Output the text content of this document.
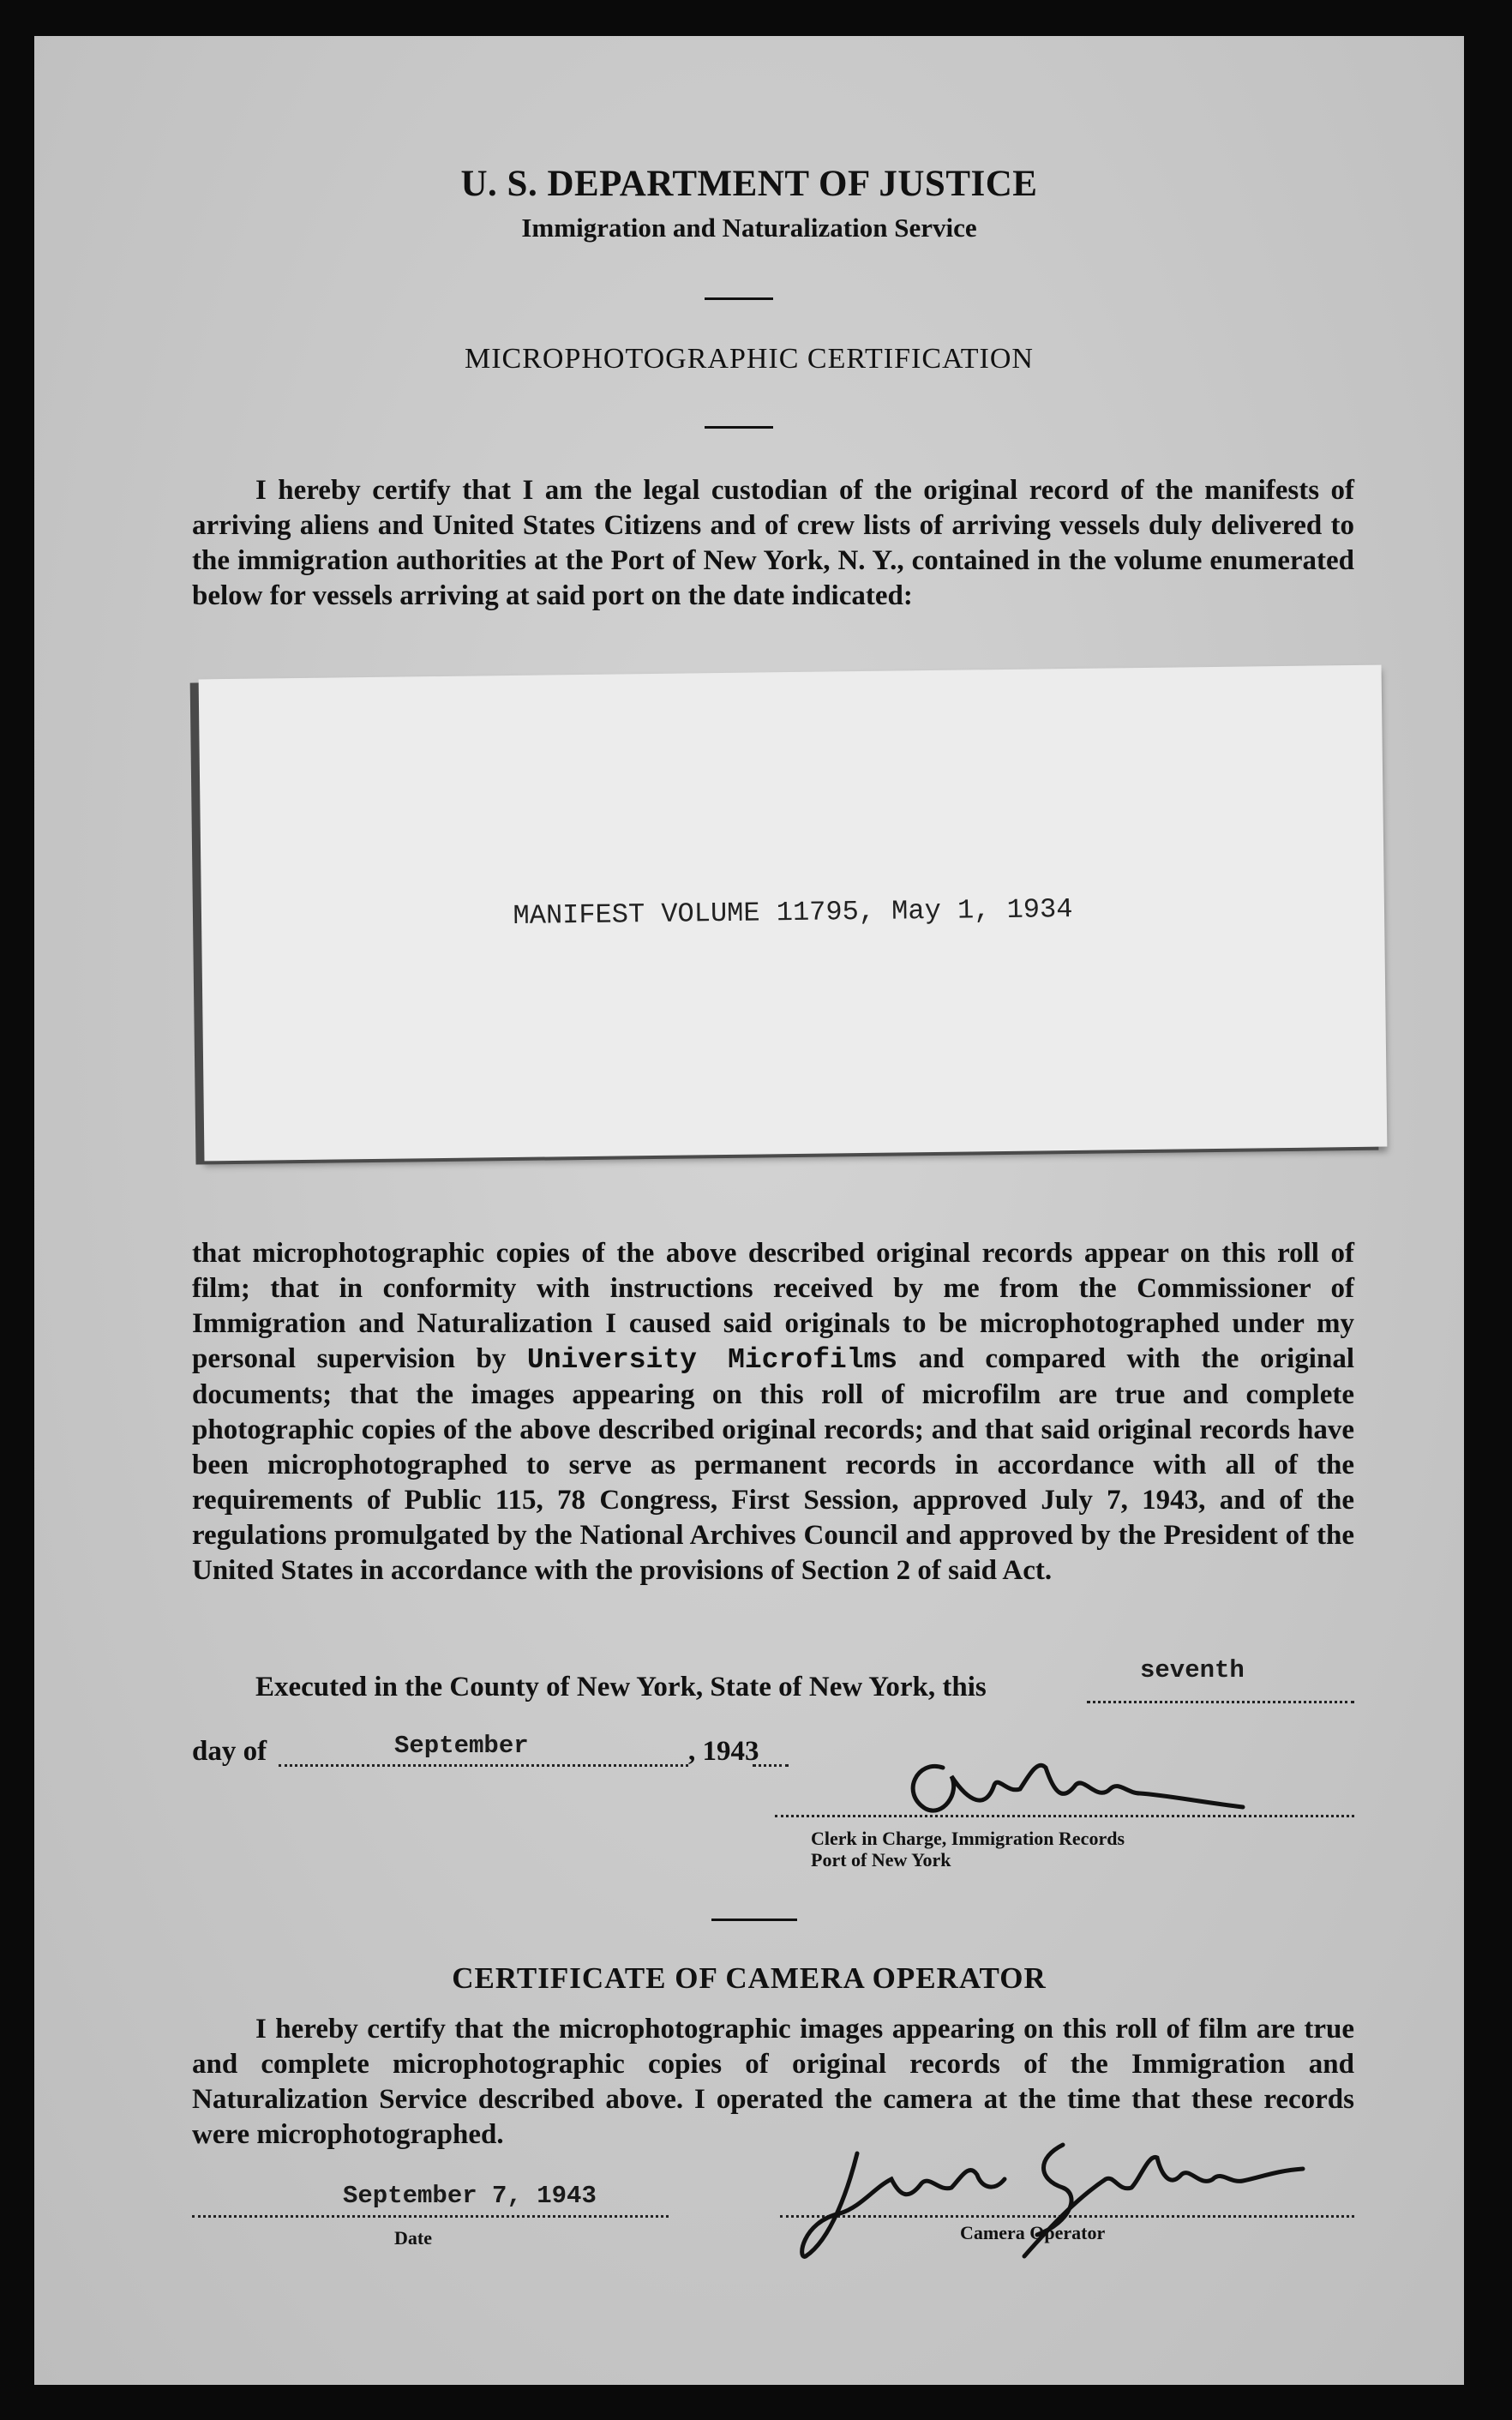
U. S. DEPARTMENT OF JUSTICE
Immigration and Naturalization Service
MICROPHOTOGRAPHIC CERTIFICATION
I hereby certify that I am the legal custodian of the original record of the manifests of arriving aliens and United States Citizens and of crew lists of arriving vessels duly delivered to the immigration authorities at the Port of New York, N. Y., contained in the volume enumerated below for vessels arriving at said port on the date indicated:
MANIFEST VOLUME 11795, May 1, 1934
that microphotographic copies of the above described original records appear on this roll of film; that in conformity with instructions received by me from the Commissioner of Immigration and Naturalization I caused said originals to be microphotographed under my personal supervision by University Microfilms and compared with the original documents; that the images appearing on this roll of microfilm are true and complete photographic copies of the above described original records; and that said original records have been microphotographed to serve as permanent records in accordance with all of the requirements of Public 115, 78 Congress, First Session, approved July 7, 1943, and of the regulations promulgated by the National Archives Council and approved by the President of the United States in accordance with the provisions of Section 2 of said Act.
Executed in the County of New York, State of New York, this
seventh
day of	September	, 1943
Clerk in Charge, Immigration Records
Port of New York
CERTIFICATE OF CAMERA OPERATOR
I hereby certify that the microphotographic images appearing on this roll of film are true and complete microphotographic copies of original records of the Immigration and Naturalization Service described above. I operated the camera at the time that these records were microphotographed.
September 7, 1943
Date	Camera Operator
